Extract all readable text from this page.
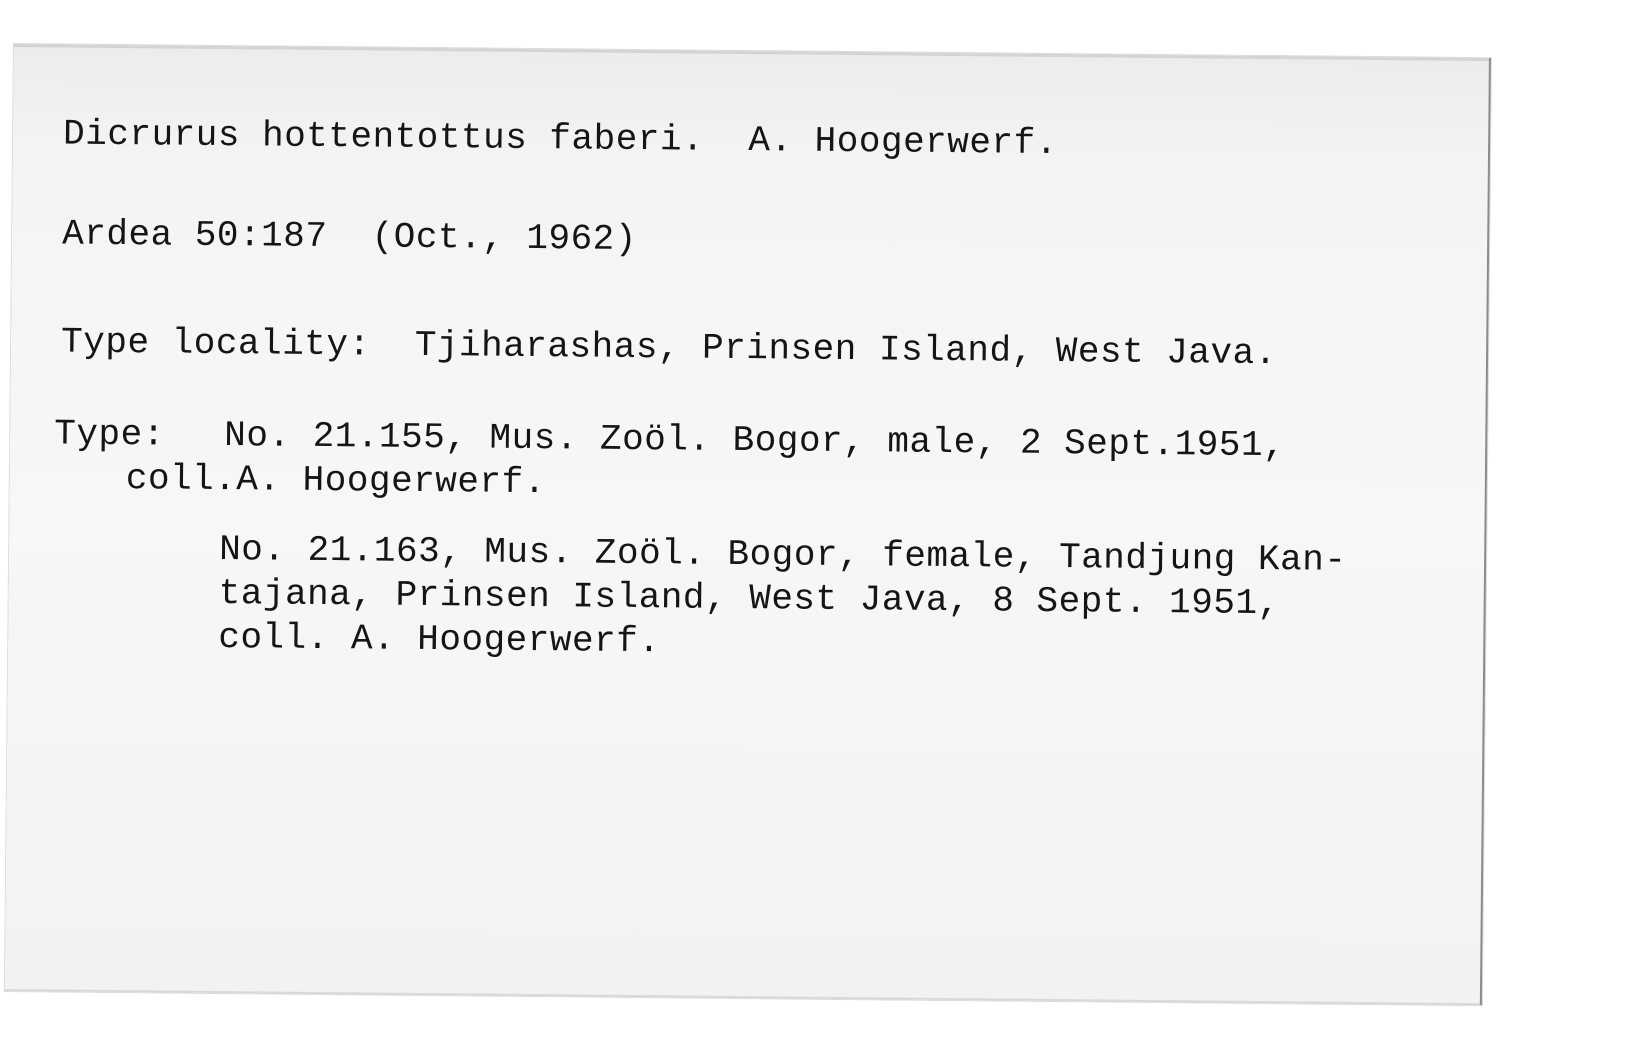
Dicrurus hottentottus faberi.  A. Hoogerwerf.

Ardea 50:187  (Oct., 1962)

Type locality:  Tjiharashas, Prinsen Island, West Java.

Type: No. 21.155, Mus. Zoöl. Bogor, male, 2 Sept.1951,

coll.A. Hoogerwerf.

No. 21.163, Mus. Zoöl. Bogor, female, Tandjung Kan-

tajana, Prinsen Island, West Java, 8 Sept. 1951,

coll. A. Hoogerwerf.
